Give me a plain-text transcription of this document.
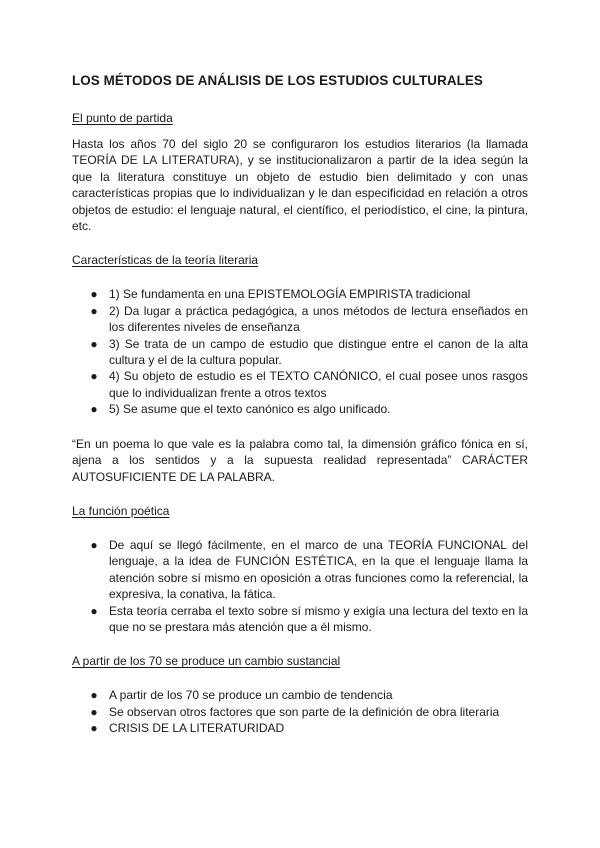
LOS MÉTODOS DE ANÁLISIS DE LOS ESTUDIOS CULTURALES
El punto de partida
Hasta los años 70 del siglo 20 se configuraron los estudios literarios (la llamada TEORÍA DE LA LITERATURA), y se institucionalizaron a partir de la idea según la que la literatura constituye un objeto de estudio bien delimitado y con unas características propias que lo individualizan y le dan especificidad en relación a otros objetos de estudio: el lenguaje natural, el científico, el periodístico, el cine, la pintura, etc.
Características de la teoría literaria
● 1) Se fundamenta en una EPISTEMOLOGÍA EMPIRISTA tradicional
● 2) Da lugar a práctica pedagógica, a unos métodos de lectura enseñados en los diferentes niveles de enseñanza
● 3) Se trata de un campo de estudio que distingue entre el canon de la alta cultura y el de la cultura popular.
● 4) Su objeto de estudio es el TEXTO CANÓNICO, el cual posee unos rasgos que lo individualizan frente a otros textos
● 5) Se asume que el texto canónico es algo unificado.
“En un poema lo que vale es la palabra como tal, la dimensión gráfico fónica en sí, ajena a los sentidos y a la supuesta realidad representada” CARÁCTER AUTOSUFICIENTE DE LA PALABRA.
La función poética
● De aquí se llegó fácilmente, en el marco de una TEORÍA FUNCIONAL del lenguaje, a la idea de FUNCIÓN ESTÉTICA, en la que el lenguaje llama la atención sobre sí mismo en oposición a otras funciones como la referencial, la expresiva, la conativa, la fática.
● Esta teoría cerraba el texto sobre sí mismo y exigía una lectura del texto en la que no se prestara más atención que a él mismo.
A partir de los 70 se produce un cambio sustancial
● A partir de los 70 se produce un cambio de tendencia
● Se observan otros factores que son parte de la definición de obra literaria
● CRISIS DE LA LITERATURIDAD
